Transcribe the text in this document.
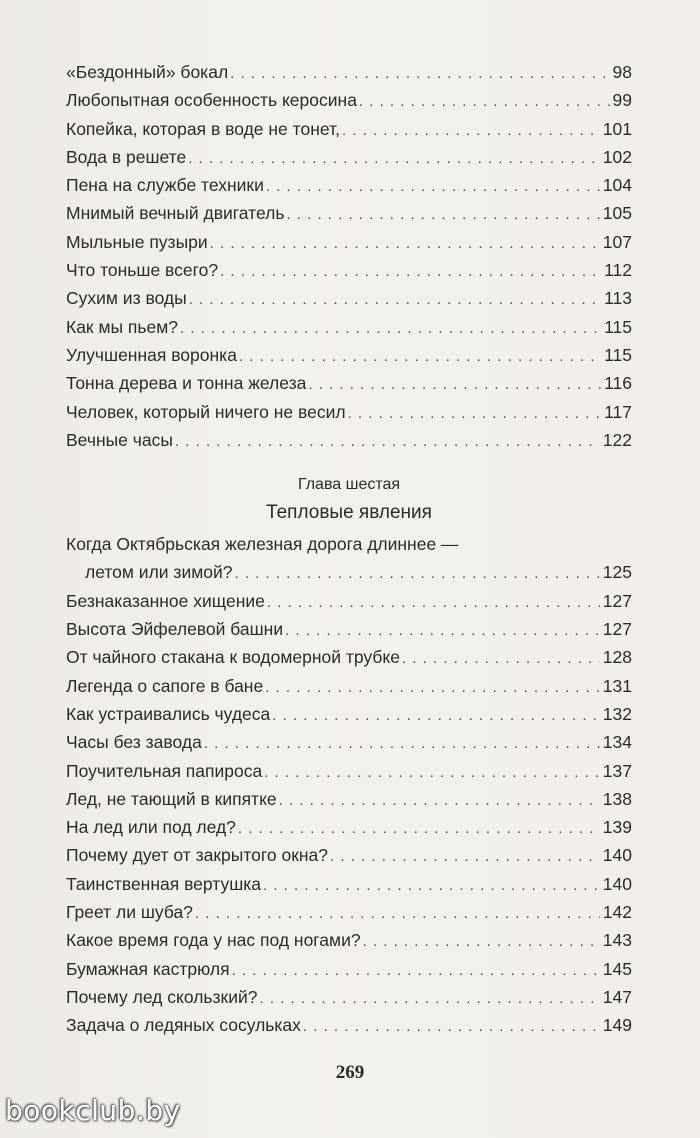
«Бездонный» бокал . . .	98
Любопытная особенность керосина . . .	99
Копейка, которая в воде не тонет, . . .	101
Вода в решете . . .	102
Пена на службе техники . . .	104
Мнимый вечный двигатель . . .	105
Мыльные пузыри . . .	107
Что тоньше всего? . . .	112
Сухим из воды . . .	113
Как мы пьем? . . .	115
Улучшенная воронка . . .	115
Тонна дерева и тонна железа . . .	116
Человек, который ничего не весил . . .	117
Вечные часы . . .	122
Глава шестая
Тепловые явления
Когда Октябрьская железная дорога длиннее —
летом или зимой? . . .	125
Безнаказанное хищение . . .	127
Высота Эйфелевой башни . . .	127
От чайного стакана к водомерной трубке . . .	128
Легенда о сапоге в бане . . .	131
Как устраивались чудеса . . .	132
Часы без завода . . .	134
Поучительная папироса . . .	137
Лед, не тающий в кипятке . . .	138
На лед или под лед? . . .	139
Почему дует от закрытого окна? . . .	140
Таинственная вертушка . . .	140
Греет ли шуба? . . .	142
Какое время года у нас под ногами? . . .	143
Бумажная кастрюля . . .	145
Почему лед скользкий? . . .	147
Задача о ледяных сосульках . . .	149
269
bookclub.by
